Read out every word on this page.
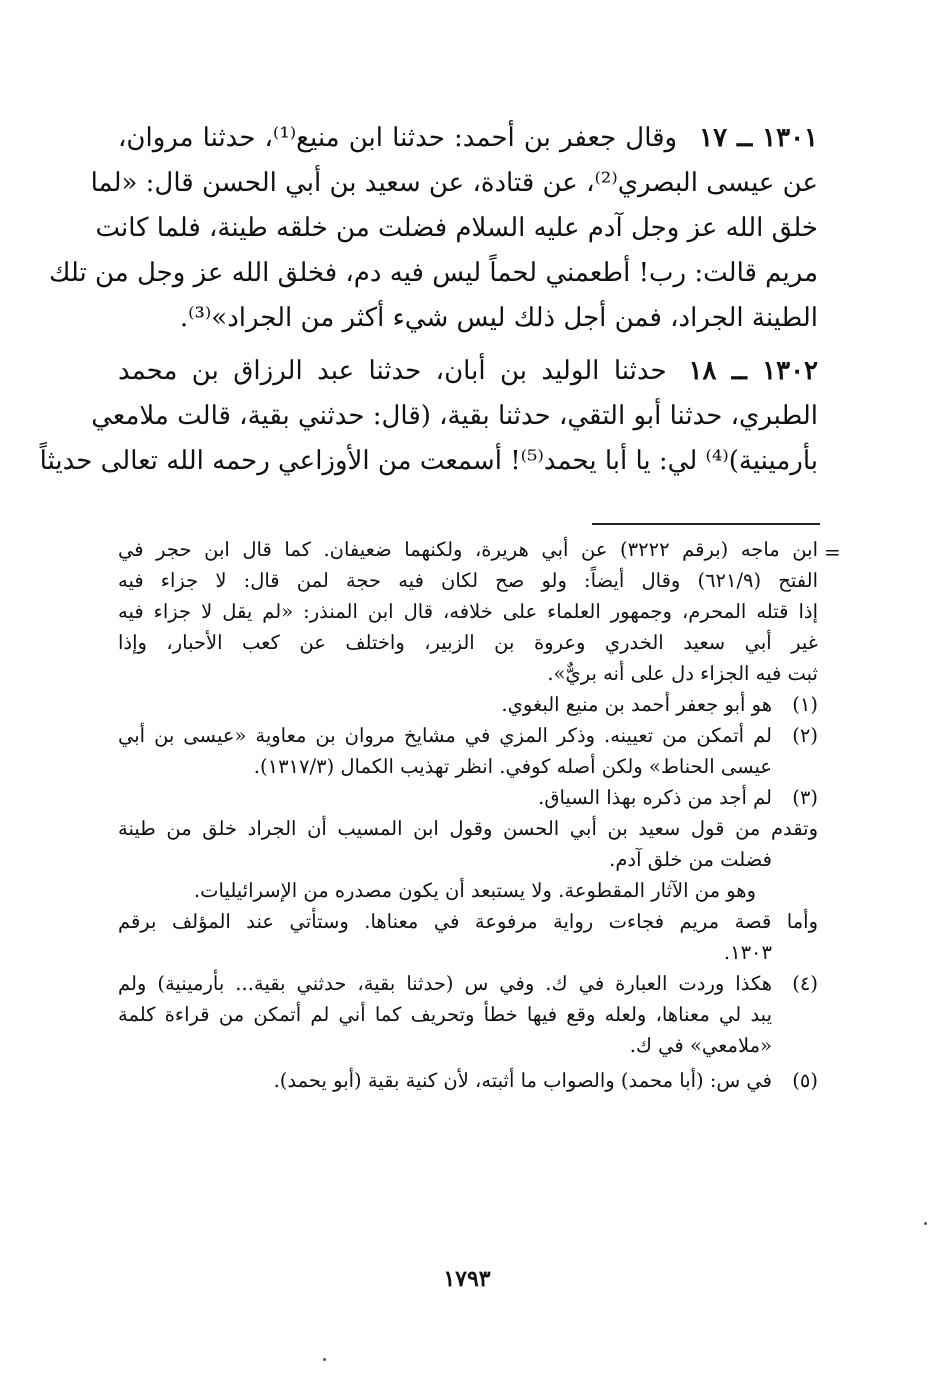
١٣٠١ ــ ١٧وقال جعفر بن أحمد: حدثنا ابن منيع⁽¹⁾، حدثنا مروان،
عن عيسى البصري⁽²⁾، عن قتادة، عن سعيد بن أبي الحسن قال: «لما
خلق الله عز وجل آدم عليه السلام فضلت من خلقه طينة، فلما كانت
مريم قالت: رب! أطعمني لحماً ليس فيه دم، فخلق الله عز وجل من تلك
الطينة الجراد، فمن أجل ذلك ليس شيء أكثر من الجراد»⁽³⁾.
١٣٠٢ ــ ١٨حدثنا الوليد بن أبان، حدثنا عبد الرزاق بن محمد
الطبري، حدثنا أبو التقي، حدثنا بقية، (قال: حدثني بقية، قالت ملامعي
بأرمينية)⁽⁴⁾ لي: يا أبا يحمد⁽⁵⁾! أسمعت من الأوزاعي رحمه الله تعالى حديثاً
=
ابن ماجه (برقم ٣٢٢٢) عن أبي هريرة، ولكنهما ضعيفان. كما قال ابن حجر في
الفتح (٦٢١/٩) وقال أيضاً: ولو صح لكان فيه حجة لمن قال: لا جزاء فيه
إذا قتله المحرم، وجمهور العلماء على خلافه، قال ابن المنذر: «لم يقل لا جزاء فيه
غير أبي سعيد الخدري وعروة بن الزبير، واختلف عن كعب الأحبار، وإذا
ثبت فيه الجزاء دل على أنه بريٌّ».
(١)هو أبو جعفر أحمد بن منيع البغوي.
(٢)لم أتمكن من تعيينه. وذكر المزي في مشايخ مروان بن معاوية «عيسى بن أبي
عيسى الحناط» ولكن أصله كوفي. انظر تهذيب الكمال (١٣١٧/٣).
(٣)لم أجد من ذكره بهذا السياق.
وتقدم من قول سعيد بن أبي الحسن وقول ابن المسيب أن الجراد خلق من طينة
فضلت من خلق آدم.
وهو من الآثار المقطوعة. ولا يستبعد أن يكون مصدره من الإسرائيليات.
وأما قصة مريم فجاءت رواية مرفوعة في معناها. وستأتي عند المؤلف برقم
١٣٠٣.
(٤)هكذا وردت العبارة في ك. وفي س (حدثنا بقية، حدثني بقية... بأرمينية) ولم
يبد لي معناها، ولعله وقع فيها خطأ وتحريف كما أني لم أتمكن من قراءة كلمة
«ملامعي» في ك.
(٥)في س: (أبا محمد) والصواب ما أثبته، لأن كنية بقية (أبو يحمد).
١٧٩٣
